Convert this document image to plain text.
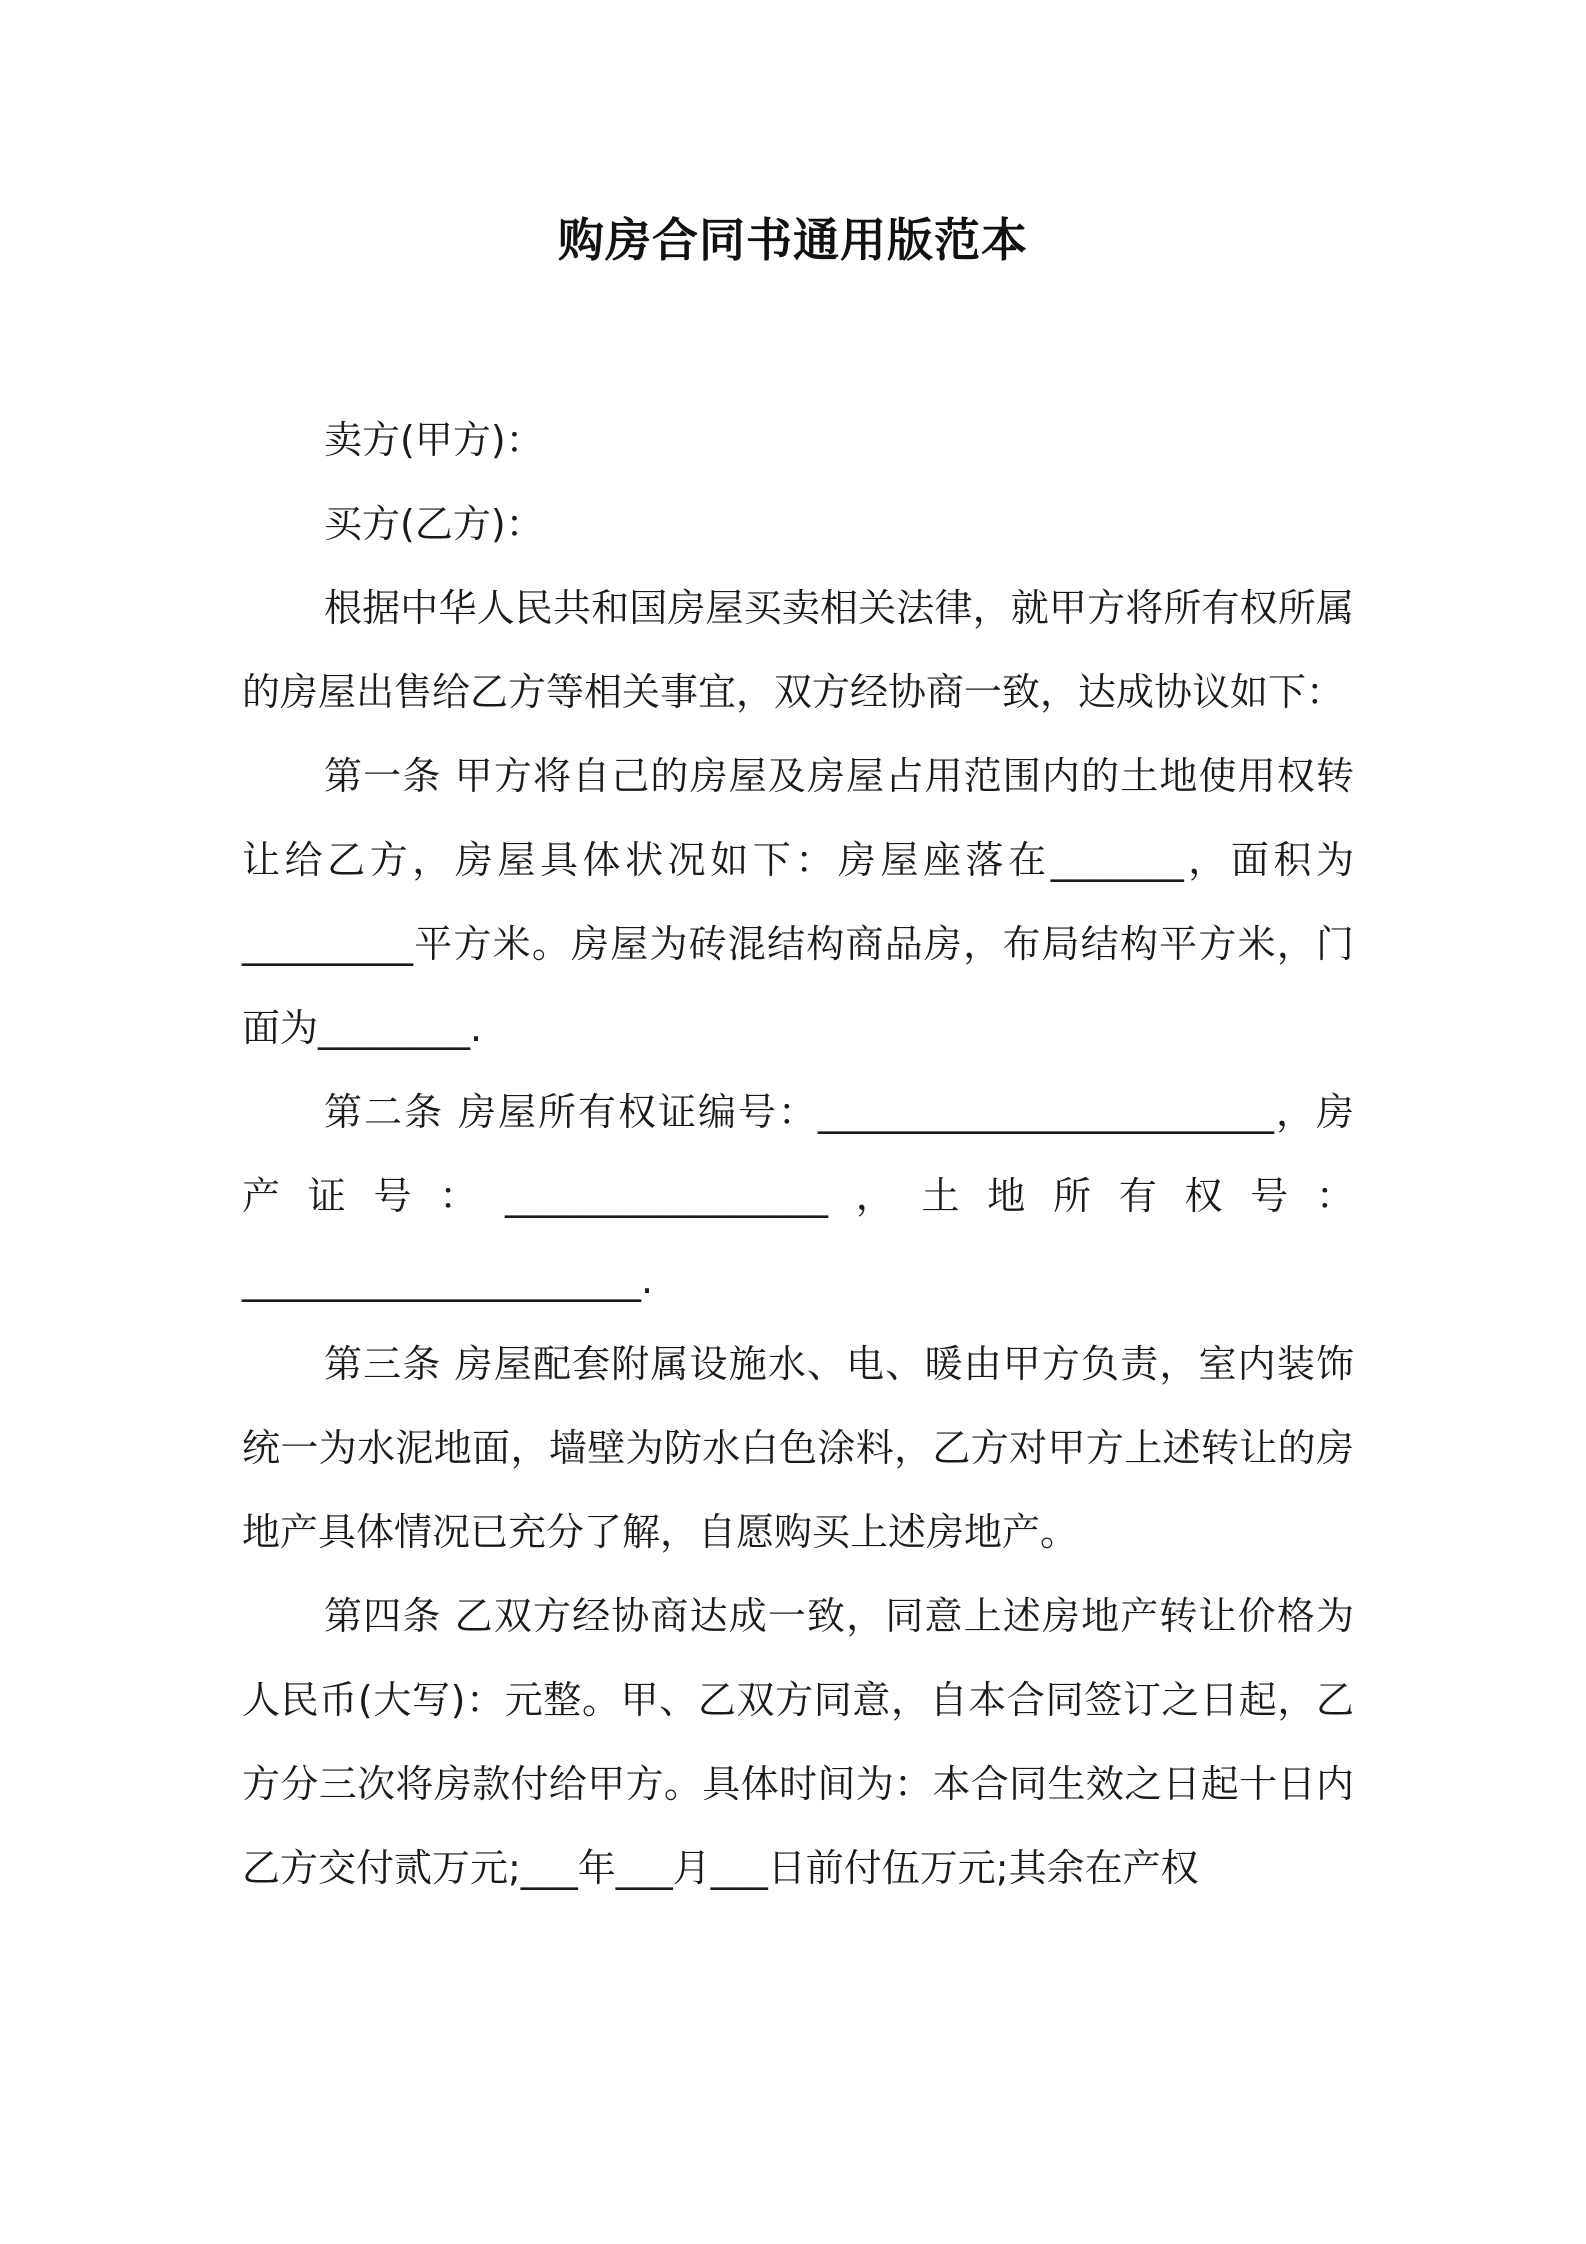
购房合同书通用版范本

卖方(甲方)：

买方(乙方)：

根据中华人民共和国房屋买卖相关法律，就甲方将所有权所属的房屋出售给乙方等相关事宜，双方经协商一致，达成协议如下：

第一条 甲方将自己的房屋及房屋占用范围内的土地使用权转让给乙方，房屋具体状况如下：房屋座落在_______，面积为_________平方米。房屋为砖混结构商品房，布局结构平方米，门面为________.

第二条 房屋所有权证编号：________________________，房产证号：_________________，土地所有权号：_____________________.

第三条 房屋配套附属设施水、电、暖由甲方负责，室内装饰统一为水泥地面，墙壁为防水白色涂料，乙方对甲方上述转让的房地产具体情况已充分了解，自愿购买上述房地产。

第四条 乙双方经协商达成一致，同意上述房地产转让价格为人民币(大写)：元整。甲、乙双方同意，自本合同签订之日起，乙方分三次将房款付给甲方。具体时间为：本合同生效之日起十日内乙方交付贰万元;___年___月___日前付伍万元;其余在产权
